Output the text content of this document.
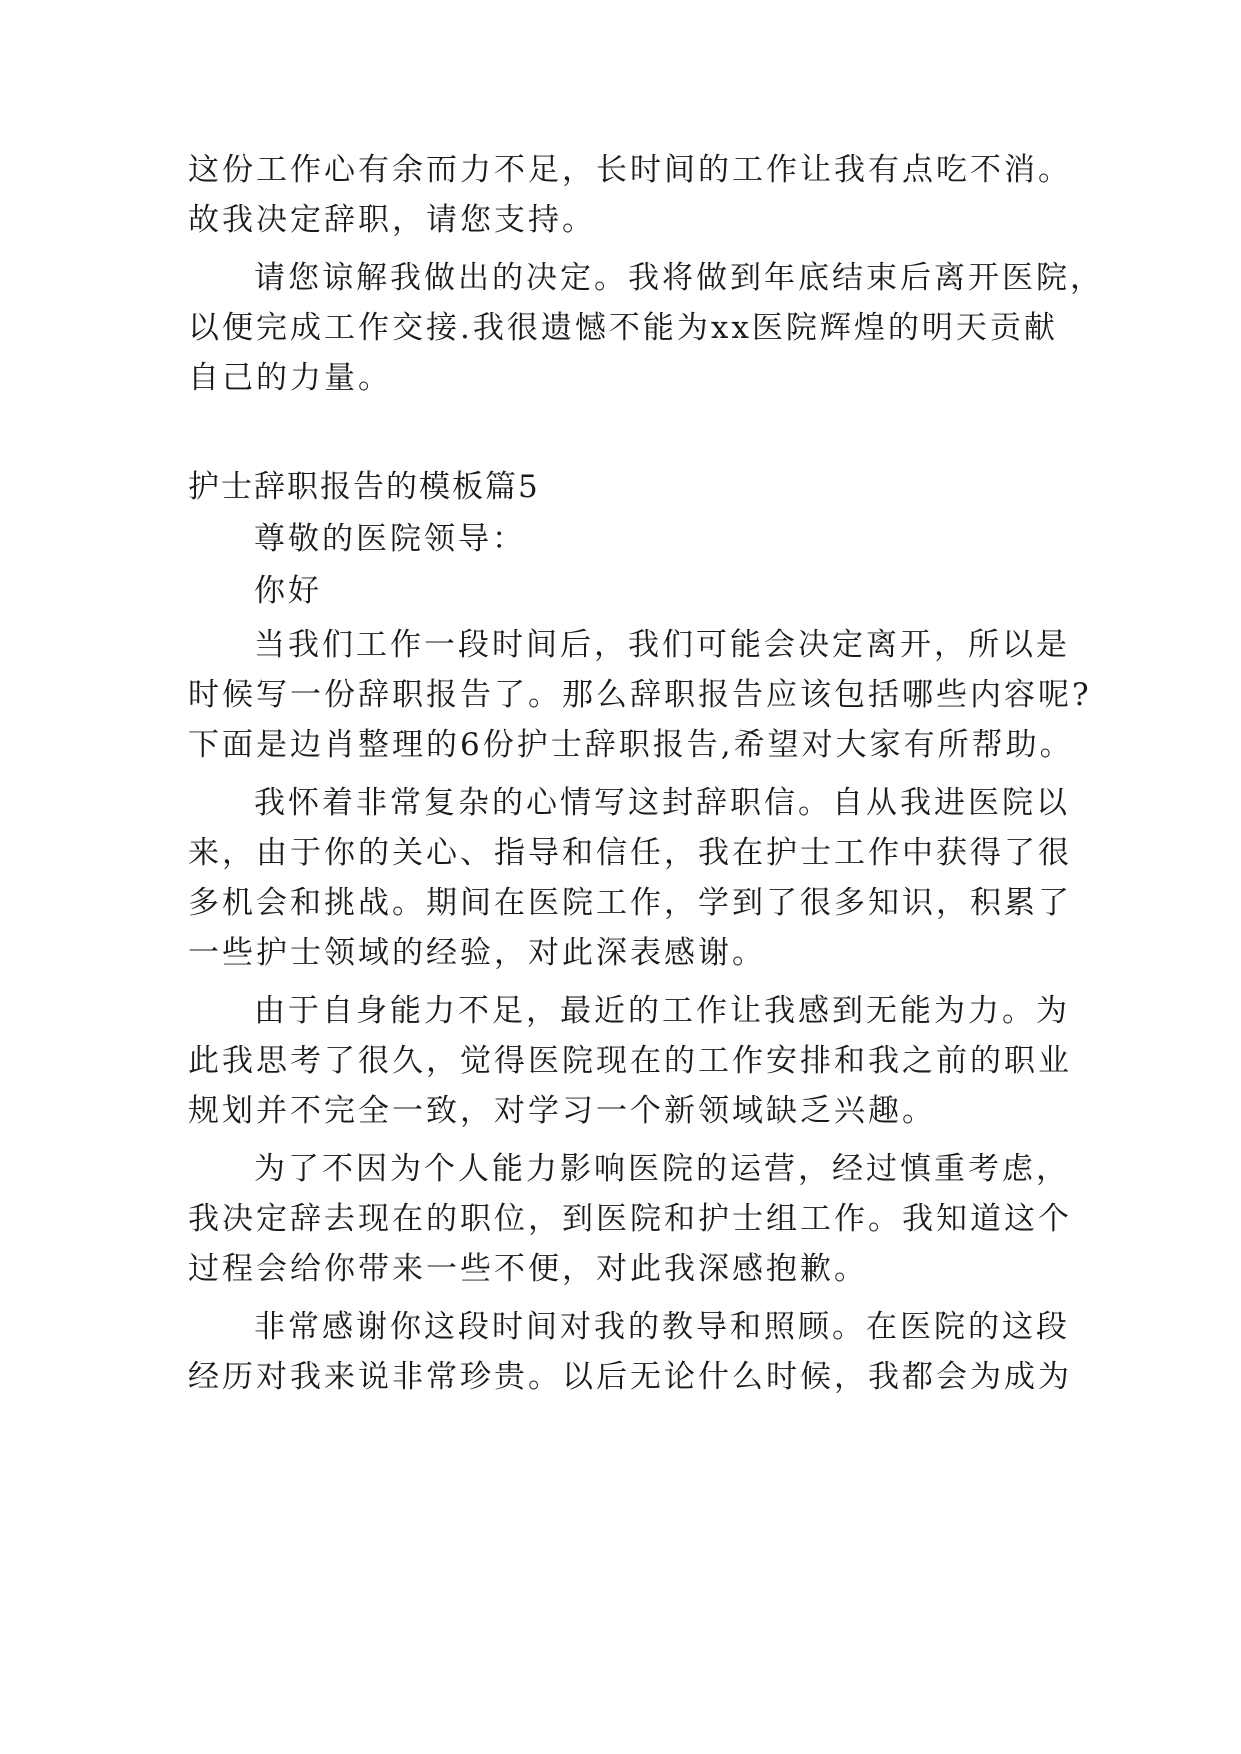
这份工作心有余而力不足，长时间的工作让我有点吃不消。
故我决定辞职，请您支持。
请您谅解我做出的决定。我将做到年底结束后离开医院，
以便完成工作交接.我很遗憾不能为xx医院辉煌的明天贡献
自己的力量。
护士辞职报告的模板篇5
尊敬的医院领导：
你好
当我们工作一段时间后，我们可能会决定离开，所以是
时候写一份辞职报告了。那么辞职报告应该包括哪些内容呢?
下面是边肖整理的6份护士辞职报告,希望对大家有所帮助。
我怀着非常复杂的心情写这封辞职信。自从我进医院以
来，由于你的关心、指导和信任，我在护士工作中获得了很
多机会和挑战。期间在医院工作，学到了很多知识，积累了
一些护士领域的经验，对此深表感谢。
由于自身能力不足，最近的工作让我感到无能为力。为
此我思考了很久，觉得医院现在的工作安排和我之前的职业
规划并不完全一致，对学习一个新领域缺乏兴趣。
为了不因为个人能力影响医院的运营，经过慎重考虑，
我决定辞去现在的职位，到医院和护士组工作。我知道这个
过程会给你带来一些不便，对此我深感抱歉。
非常感谢你这段时间对我的教导和照顾。在医院的这段
经历对我来说非常珍贵。以后无论什么时候，我都会为成为
